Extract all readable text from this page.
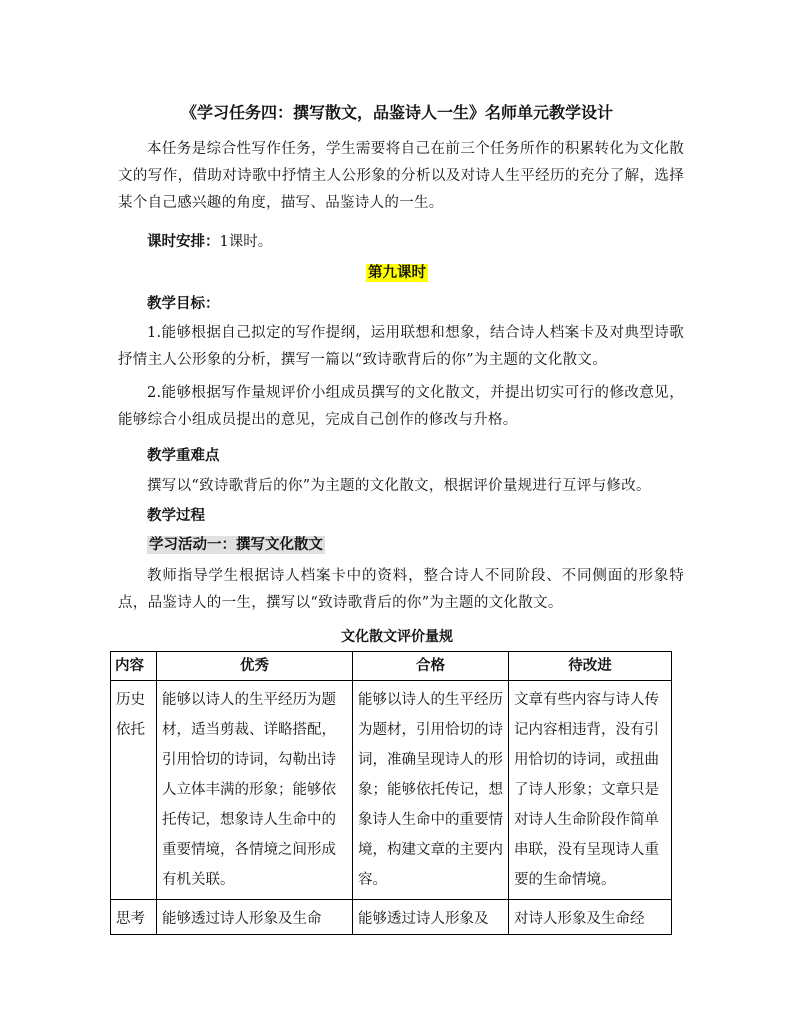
《学习任务四：撰写散文，品鉴诗人一生》名师单元教学设计
本任务是综合性写作任务，学生需要将自己在前三个任务所作的积累转化为文化散文的写作，借助对诗歌中抒情主人公形象的分析以及对诗人生平经历的充分了解，选择某个自己感兴趣的角度，描写、品鉴诗人的一生。
课时安排：1课时。
第九课时
教学目标：
1.能够根据自己拟定的写作提纲，运用联想和想象，结合诗人档案卡及对典型诗歌抒情主人公形象的分析，撰写一篇以“致诗歌背后的你”为主题的文化散文。
2.能够根据写作量规评价小组成员撰写的文化散文，并提出切实可行的修改意见，能够综合小组成员提出的意见，完成自己创作的修改与升格。
教学重难点
撰写以“致诗歌背后的你”为主题的文化散文，根据评价量规进行互评与修改。
教学过程
学习活动一：撰写文化散文
教师指导学生根据诗人档案卡中的资料，整合诗人不同阶段、不同侧面的形象特点，品鉴诗人的一生，撰写以“致诗歌背后的你”为主题的文化散文。
文化散文评价量规
内容	优秀	合格	待改进
历史依托	能够以诗人的生平经历为题材，适当剪裁、详略搭配，引用恰切的诗词，勾勒出诗人立体丰满的形象；能够依托传记，想象诗人生命中的重要情境，各情境之间形成有机关联。	能够以诗人的生平经历为题材，引用恰切的诗词，准确呈现诗人的形象；能够依托传记，想象诗人生命中的重要情境，构建文章的主要内容。	文章有些内容与诗人传记内容相违背，没有引用恰切的诗词，或扭曲了诗人形象；文章只是对诗人生命阶段作简单串联，没有呈现诗人重要的生命情境。
思考	能够透过诗人形象及生命	能够透过诗人形象及	对诗人形象及生命经
